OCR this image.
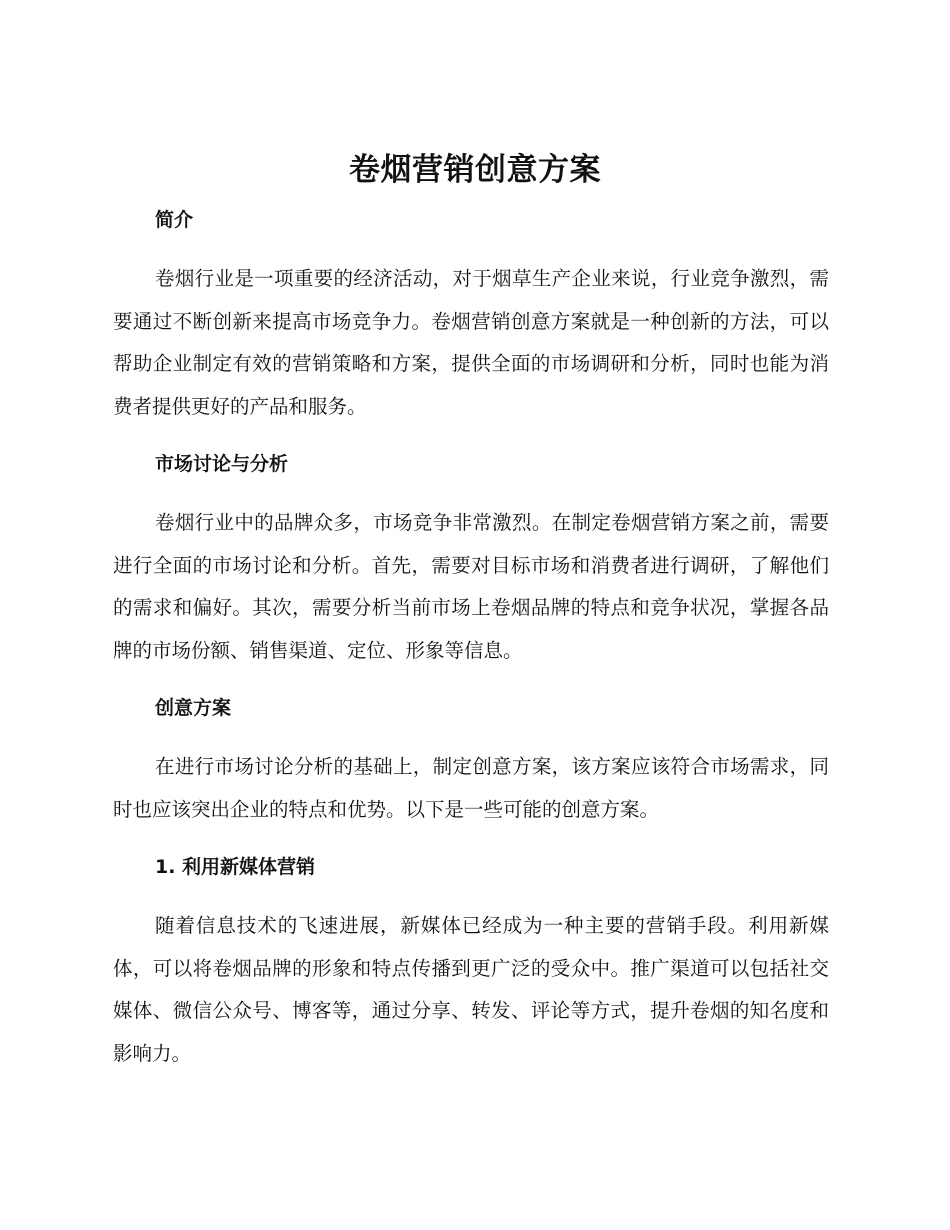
卷烟营销创意方案
简介

卷烟行业是一项重要的经济活动，对于烟草生产企业来说，行业竞争激烈，需要通过不断创新来提高市场竞争力。卷烟营销创意方案就是一种创新的方法，可以帮助企业制定有效的营销策略和方案，提供全面的市场调研和分析，同时也能为消费者提供更好的产品和服务。

市场讨论与分析

卷烟行业中的品牌众多，市场竞争非常激烈。在制定卷烟营销方案之前，需要进行全面的市场讨论和分析。首先，需要对目标市场和消费者进行调研，了解他们的需求和偏好。其次，需要分析当前市场上卷烟品牌的特点和竞争状况，掌握各品牌的市场份额、销售渠道、定位、形象等信息。

创意方案

在进行市场讨论分析的基础上，制定创意方案，该方案应该符合市场需求，同时也应该突出企业的特点和优势。以下是一些可能的创意方案。

1. 利用新媒体营销

随着信息技术的飞速进展，新媒体已经成为一种主要的营销手段。利用新媒体，可以将卷烟品牌的形象和特点传播到更广泛的受众中。推广渠道可以包括社交媒体、微信公众号、博客等，通过分享、转发、评论等方式，提升卷烟的知名度和影响力。
